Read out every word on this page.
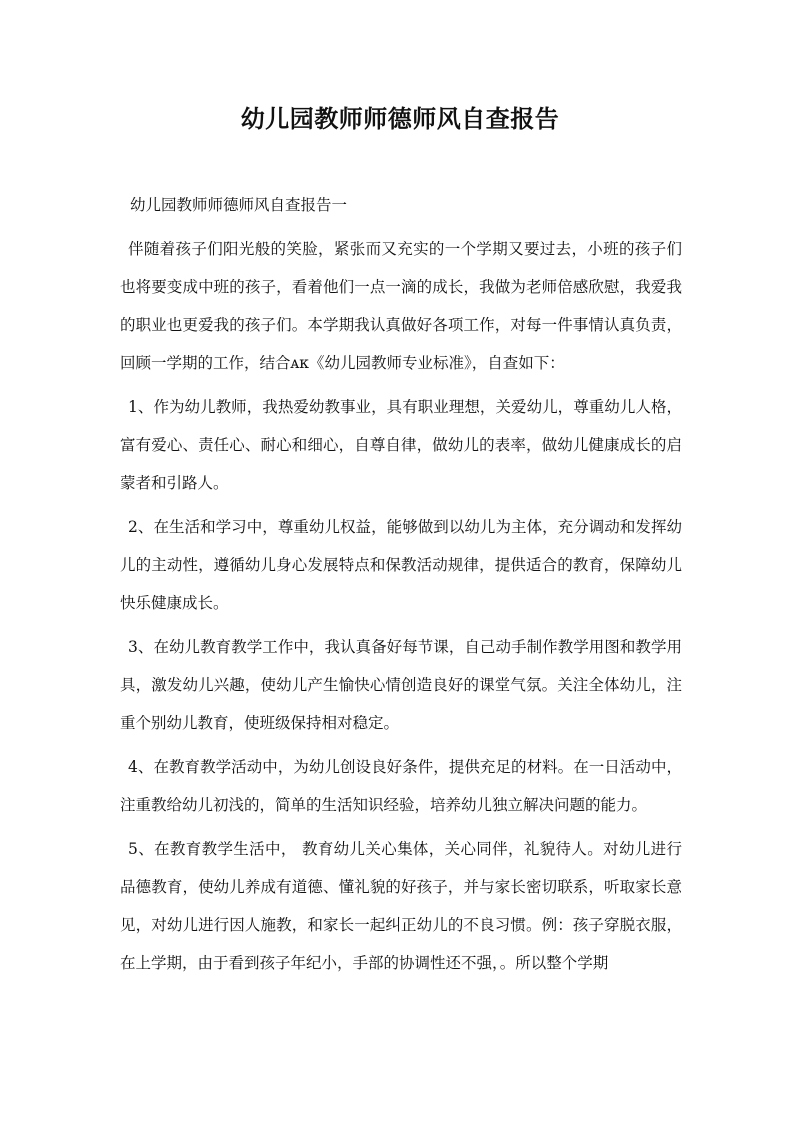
幼儿园教师师德师风自查报告

幼儿园教师师德师风自查报告一

伴随着孩子们阳光般的笑脸，紧张而又充实的一个学期又要过去，小班的孩子们也将要变成中班的孩子，看着他们一点一滴的成长，我做为老师倍感欣慰，我爱我的职业也更爱我的孩子们。本学期我认真做好各项工作，对每一件事情认真负责，回顾一学期的工作，结合ᴀᴋ《幼儿园教师专业标准》，自查如下：

1、作为幼儿教师，我热爱幼教事业，具有职业理想，关爱幼儿，尊重幼儿人格，富有爱心、责任心、耐心和细心，自尊自律，做幼儿的表率，做幼儿健康成长的启蒙者和引路人。

2、在生活和学习中，尊重幼儿权益，能够做到以幼儿为主体，充分调动和发挥幼儿的主动性，遵循幼儿身心发展特点和保教活动规律，提供适合的教育，保障幼儿快乐健康成长。

3、在幼儿教育教学工作中，我认真备好每节课，自己动手制作教学用图和教学用具，激发幼儿兴趣，使幼儿产生愉快心情创造良好的课堂气氛。关注全体幼儿，注重个别幼儿教育，使班级保持相对稳定。

4、在教育教学活动中，为幼儿创设良好条件，提供充足的材料。在一日活动中，注重教给幼儿初浅的，简单的生活知识经验，培养幼儿独立解决问题的能力。

5、在教育教学生活中， 教育幼儿关心集体，关心同伴，礼貌待人。对幼儿进行品德教育，使幼儿养成有道德、懂礼貌的好孩子，并与家长密切联系，听取家长意见，对幼儿进行因人施教，和家长一起纠正幼儿的不良习惯。例：孩子穿脱衣服，在上学期，由于看到孩子年纪小，手部的协调性还不强，。所以整个学期
